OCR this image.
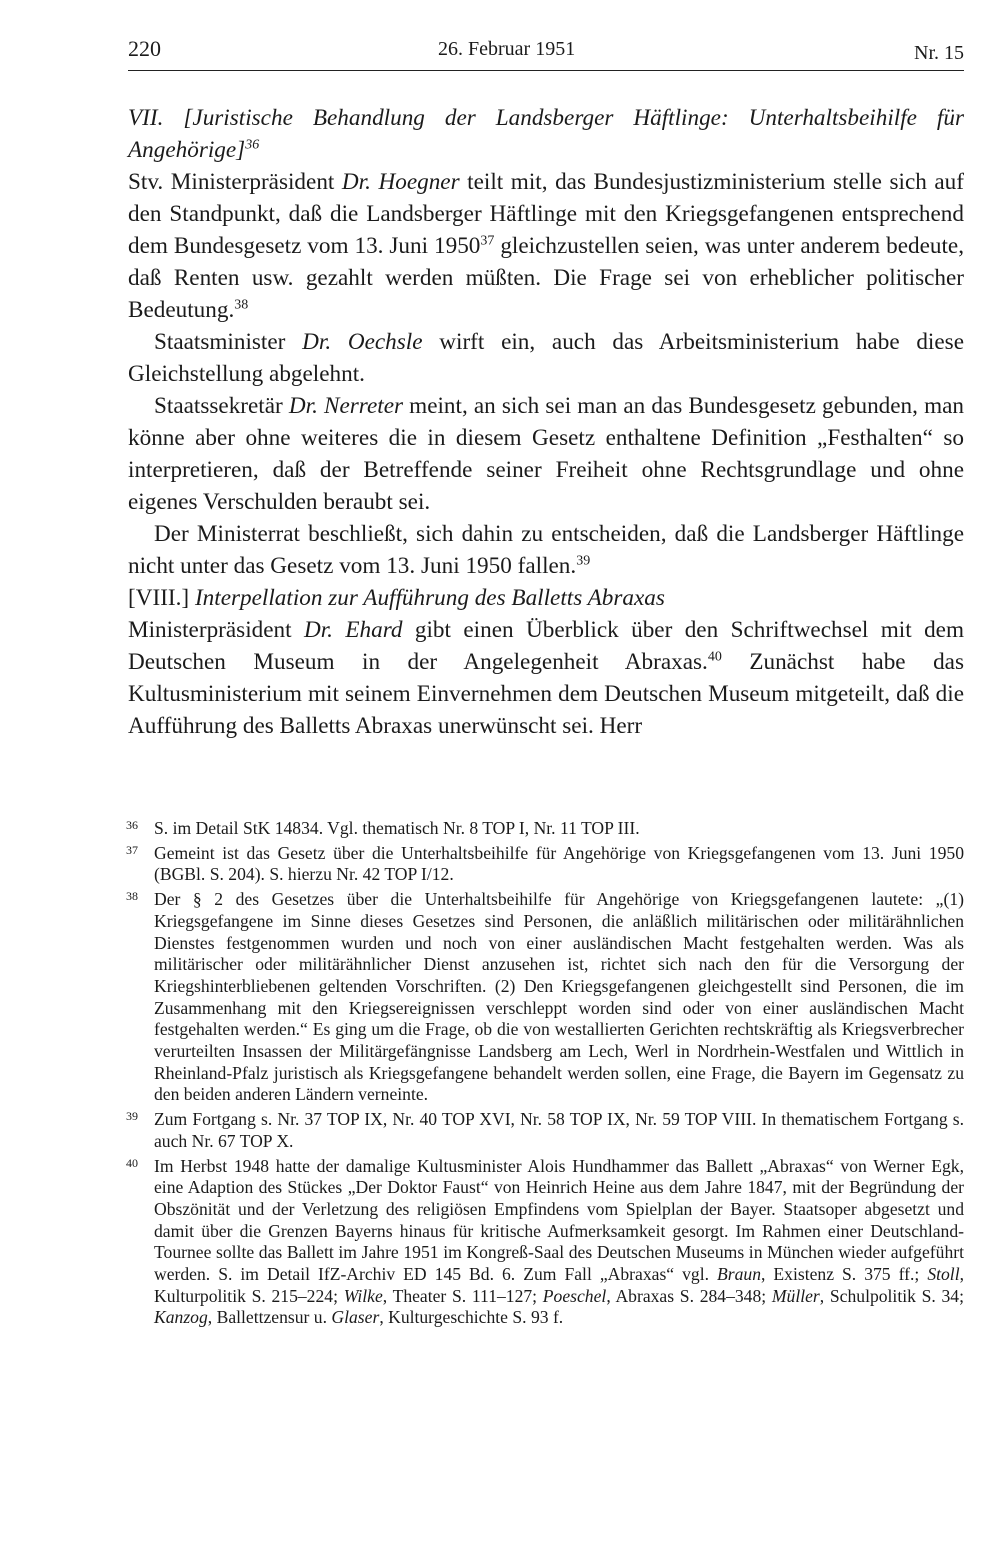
220	26. Februar 1951	Nr. 15

VII. [Juristische Behandlung der Landsberger Häftlinge: Unterhaltsbeihilfe für Angehörige]$^{36}$

Stv. Ministerpräsident Dr. Hoegner teilt mit, das Bundesjustizministerium stelle sich auf den Standpunkt, daß die Landsberger Häftlinge mit den Kriegsgefangenen entsprechend dem Bundesgesetz vom 13. Juni 1950$^{37}$ gleichzustellen seien, was unter anderem bedeute, daß Renten usw. gezahlt werden müßten. Die Frage sei von erheblicher politischer Bedeutung.$^{38}$

Staatsminister Dr. Oechsle wirft ein, auch das Arbeitsministerium habe diese Gleichstellung abgelehnt.

Staatssekretär Dr. Nerreter meint, an sich sei man an das Bundesgesetz gebunden, man könne aber ohne weiteres die in diesem Gesetz enthaltene Definition „Festhalten“ so interpretieren, daß der Betreffende seiner Freiheit ohne Rechtsgrundlage und ohne eigenes Verschulden beraubt sei.

Der Ministerrat beschließt, sich dahin zu entscheiden, daß die Landsberger Häftlinge nicht unter das Gesetz vom 13. Juni 1950 fallen.$^{39}$

[VIII.] Interpellation zur Aufführung des Balletts Abraxas

Ministerpräsident Dr. Ehard gibt einen Überblick über den Schriftwechsel mit dem Deutschen Museum in der Angelegenheit Abraxas.$^{40}$ Zunächst habe das Kultusministerium mit seinem Einvernehmen dem Deutschen Museum mitgeteilt, daß die Aufführung des Balletts Abraxas unerwünscht sei. Herr

36 S. im Detail StK 14834. Vgl. thematisch Nr. 8 TOP I, Nr. 11 TOP III.
37 Gemeint ist das Gesetz über die Unterhaltsbeihilfe für Angehörige von Kriegsgefangenen vom 13. Juni 1950 (BGBl. S. 204). S. hierzu Nr. 42 TOP I/12.
38 Der § 2 des Gesetzes über die Unterhaltsbeihilfe für Angehörige von Kriegsgefangenen lautete: „(1) Kriegsgefangene im Sinne dieses Gesetzes sind Personen, die anläßlich militärischen oder militärähnlichen Dienstes festgenommen wurden und noch von einer ausländischen Macht festgehalten werden. Was als militärischer oder militärähnlicher Dienst anzusehen ist, richtet sich nach den für die Versorgung der Kriegshinterbliebenen geltenden Vorschriften. (2) Den Kriegsgefangenen gleichgestellt sind Personen, die im Zusammenhang mit den Kriegsereignissen verschleppt worden sind oder von einer ausländischen Macht festgehalten werden.“ Es ging um die Frage, ob die von westallierten Gerichten rechtskräftig als Kriegsverbrecher verurteilten Insassen der Militärgefängnisse Landsberg am Lech, Werl in Nordrhein-Westfalen und Wittlich in Rheinland-Pfalz juristisch als Kriegsgefangene behandelt werden sollen, eine Frage, die Bayern im Gegensatz zu den beiden anderen Ländern verneinte.
39 Zum Fortgang s. Nr. 37 TOP IX, Nr. 40 TOP XVI, Nr. 58 TOP IX, Nr. 59 TOP VIII. In thematischem Fortgang s. auch Nr. 67 TOP X.
40 Im Herbst 1948 hatte der damalige Kultusminister Alois Hundhammer das Ballett „Abraxas“ von Werner Egk, eine Adaption des Stückes „Der Doktor Faust“ von Heinrich Heine aus dem Jahre 1847, mit der Begründung der Obszönität und der Verletzung des religiösen Empfindens vom Spielplan der Bayer. Staatsoper abgesetzt und damit über die Grenzen Bayerns hinaus für kritische Aufmerksamkeit gesorgt. Im Rahmen einer Deutschland-Tournee sollte das Ballett im Jahre 1951 im Kongreß-Saal des Deutschen Museums in München wieder aufgeführt werden. S. im Detail IfZ-Archiv ED 145 Bd. 6. Zum Fall „Abraxas“ vgl. Braun, Existenz S. 375 ff.; Stoll, Kulturpolitik S. 215–224; Wilke, Theater S. 111–127; Poeschel, Abraxas S. 284–348; Müller, Schulpolitik S. 34; Kanzog, Ballettzensur u. Glaser, Kulturgeschichte S. 93 f.
